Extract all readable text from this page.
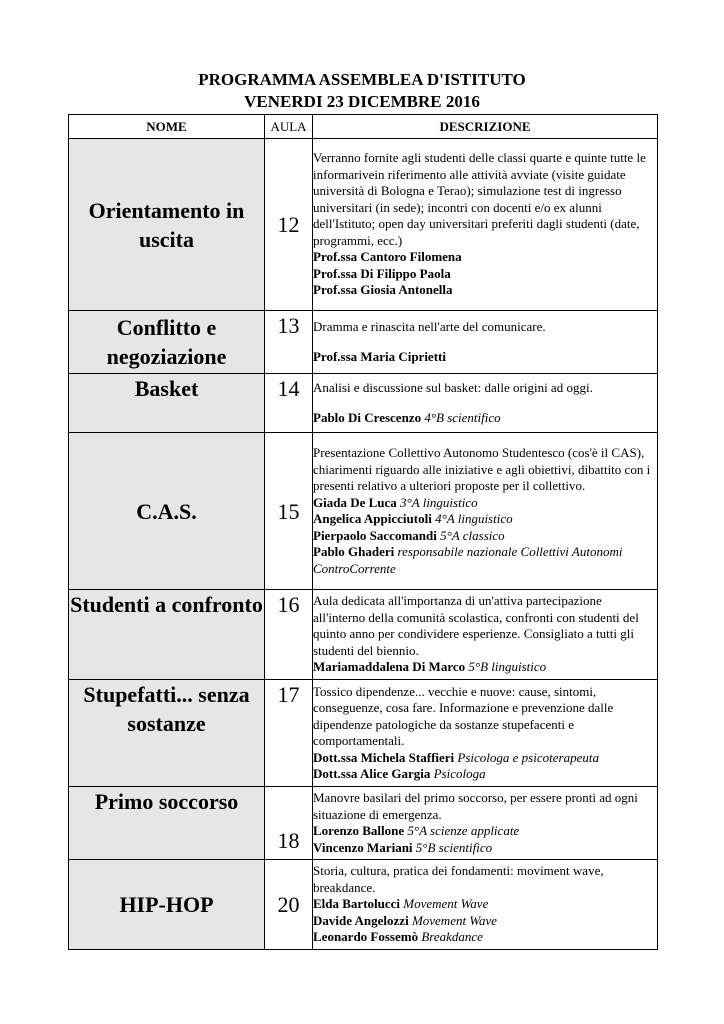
PROGRAMMA ASSEMBLEA D'ISTITUTO
VENERDI 23 DICEMBRE 2016
NOME	AULA	DESCRIZIONE
Orientamento in uscita	12	Verranno fornite agli studenti delle classi quarte e quinte tutte le informarivein riferimento alle attività avviate (visite guidate università di Bologna e Terao); simulazione test di ingresso universitari (in sede); incontri con docenti e/o ex alunni dell'Istituto; open day universitari preferiti dagli studenti (date, programmi, ecc.)
Prof.ssa Cantoro Filomena
Prof.ssa Di Filippo Paola
Prof.ssa Giosia Antonella

Conflitto e negoziazione	13	Dramma e rinascita nell'arte del comunicare.
Prof.ssa Maria Ciprietti

Basket	14	Analisi e discussione sul basket: dalle origini ad oggi.
Pablo Di Crescenzo 4°B scientifico

C.A.S.	15	Presentazione Collettivo Autonomo Studentesco (cos'è il CAS), chiarimenti riguardo alle iniziative e agli obiettivi, dibattito con i presenti relativo a ulteriori proposte per il collettivo.
Giada De Luca 3°A linguistico
Angelica Appicciutoli 4°A linguistico
Pierpaolo Saccomandi 5°A classico
Pablo Ghaderi responsabile nazionale Collettivi Autonomi ControCorrente

Studenti a confronto	16	Aula dedicata all'importanza di un'attiva partecipazione all'interno della comunità scolastica, confronti con studenti del quinto anno per condividere esperienze. Consigliato a tutti gli studenti del biennio.
Mariamaddalena Di Marco 5°B linguistico

Stupefatti... senza sostanze	17	Tossico dipendenze... vecchie e nuove: cause, sintomi, conseguenze, cosa fare. Informazione e prevenzione dalle dipendenze patologiche da sostanze stupefacenti e comportamentali.
Dott.ssa Michela Staffieri Psicologa e psicoterapeuta
Dott.ssa Alice Gargia Psicologa

Primo soccorso	18	Manovre basilari del primo soccorso, per essere pronti ad ogni situazione di emergenza.
Lorenzo Ballone 5°A scienze applicate
Vincenzo Mariani 5°B scientifico

HIP-HOP	20	Storia, cultura, pratica dei fondamenti: moviment wave, breakdance.
Elda Bartolucci Movement Wave
Davide Angelozzi Movement Wave
Leonardo Fossemò Breakdance
